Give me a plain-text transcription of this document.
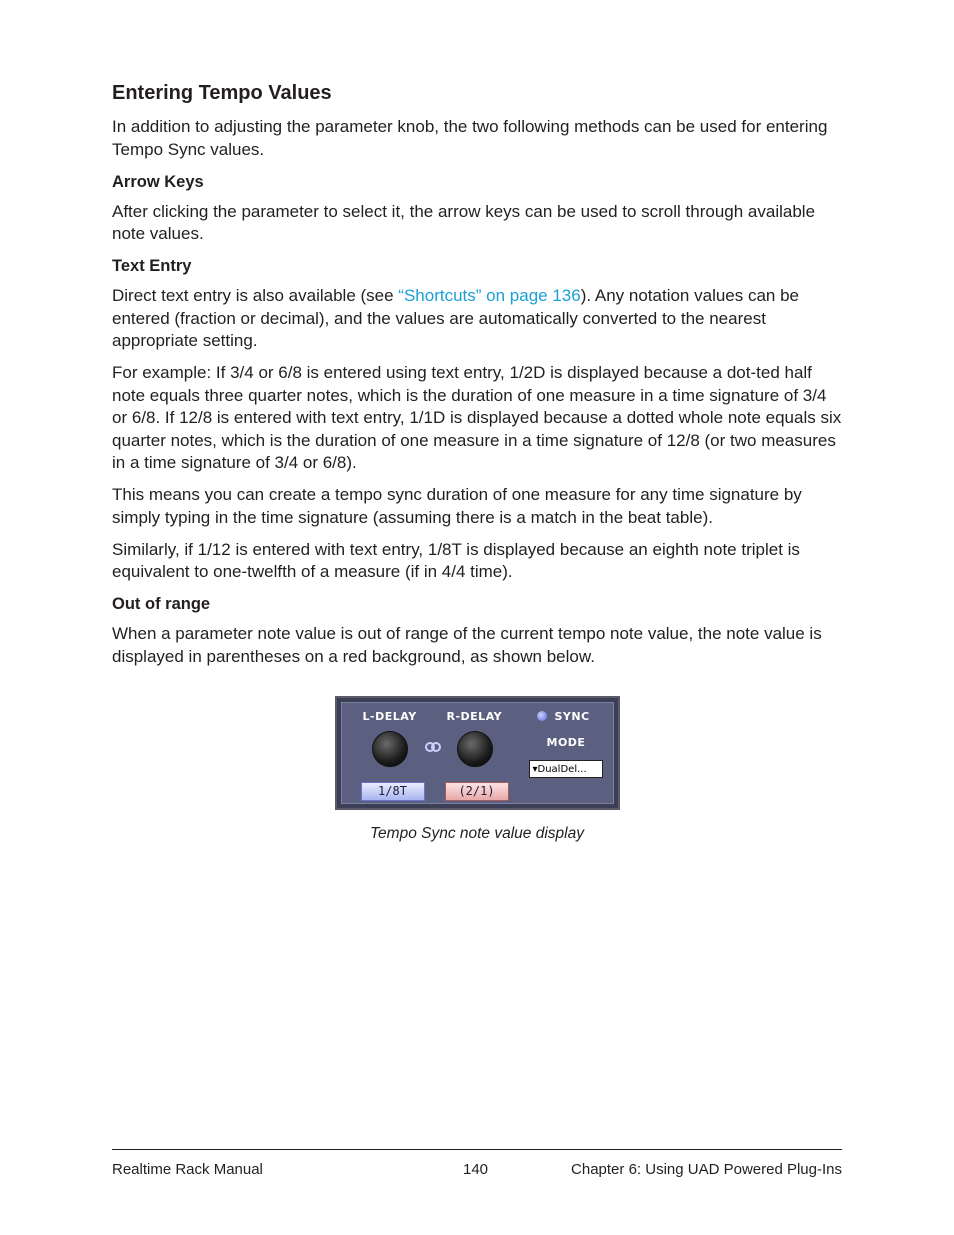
Entering Tempo Values

In addition to adjusting the parameter knob, the two following methods can be used for entering Tempo Sync values.

Arrow Keys

After clicking the parameter to select it, the arrow keys can be used to scroll through available note values.

Text Entry

Direct text entry is also available (see “Shortcuts” on page 136). Any notation values can be entered (fraction or decimal), and the values are automatically converted to the nearest appropriate setting.

For example: If 3/4 or 6/8 is entered using text entry, 1/2D is displayed because a dot-ted half note equals three quarter notes, which is the duration of one measure in a time signature of 3/4 or 6/8. If 12/8 is entered with text entry, 1/1D is displayed because a dotted whole note equals six quarter notes, which is the duration of one measure in a time signature of 12/8 (or two measures in a time signature of 3/4 or 6/8).

This means you can create a tempo sync duration of one measure for any time signature by simply typing in the time signature (assuming there is a match in the beat table).

Similarly, if 1/12 is entered with text entry, 1/8T is displayed because an eighth note triplet is equivalent to one-twelfth of a measure (if in 4/4 time).

Out of range

When a parameter note value is out of range of the current tempo note value, the note value is displayed in parentheses on a red background, as shown below.

L-DELAY	R-DELAY	SYNC
MODE
1/8T	(2/1)
▾DualDel...
Tempo Sync note value display
Realtime Rack Manual	140	Chapter 6: Using UAD Powered Plug-Ins
